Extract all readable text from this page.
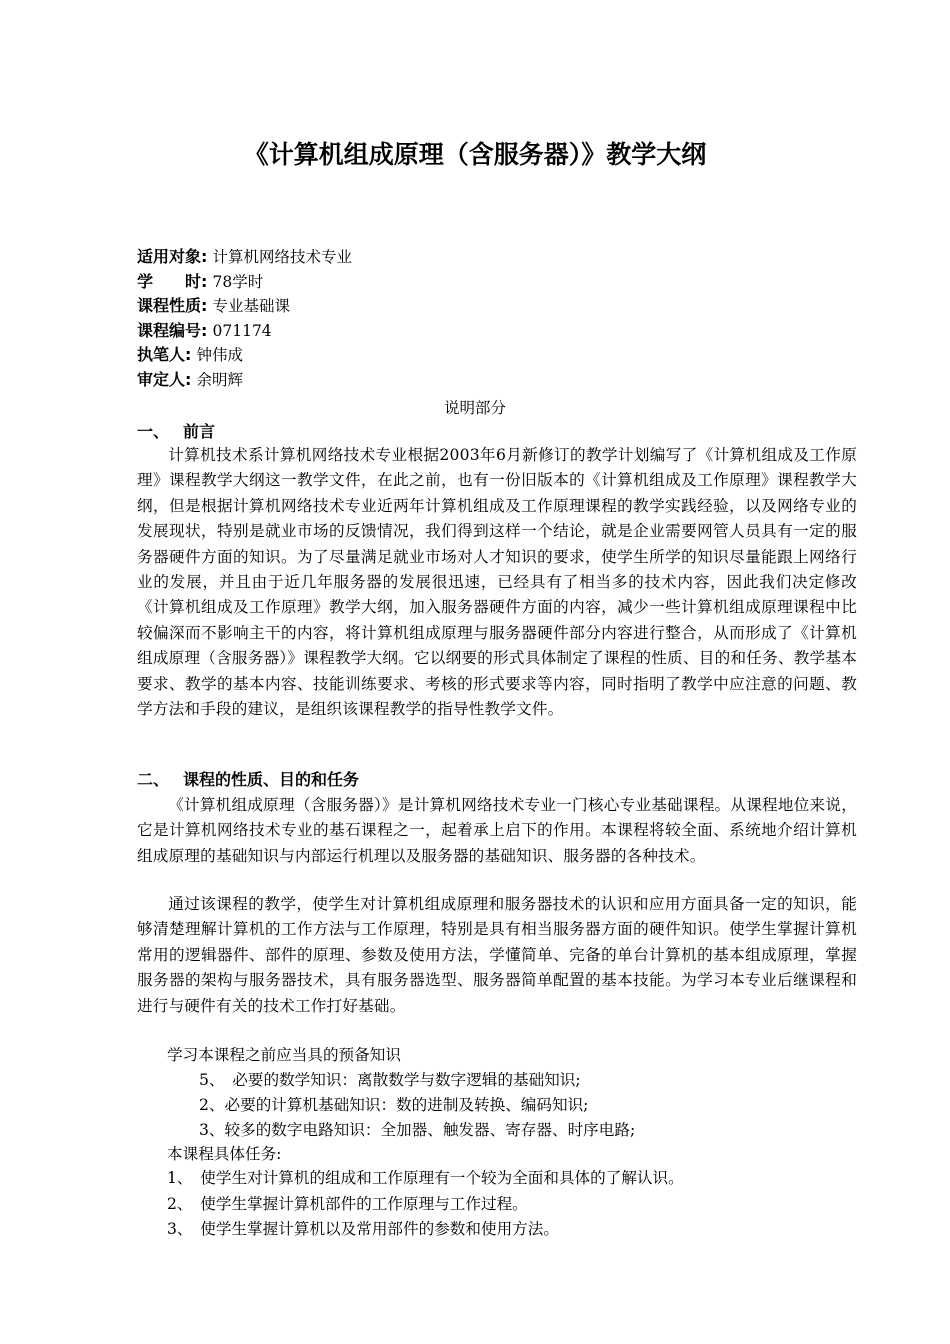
《计算机组成原理（含服务器）》教学大纲
适用对象: 计算机网络技术专业
学　　时: 78学时
课程性质: 专业基础课
课程编号: 071174
执笔人: 钟伟成
审定人: 余明辉
说明部分
一、 前言
计算机技术系计算机网络技术专业根据2003年6月新修订的教学计划编写了《计算机组成及工作原理》课程教学大纲这一教学文件，在此之前，也有一份旧版本的《计算机组成及工作原理》课程教学大纲，但是根据计算机网络技术专业近两年计算机组成及工作原理课程的教学实践经验，以及网络专业的发展现状，特别是就业市场的反馈情况，我们得到这样一个结论，就是企业需要网管人员具有一定的服务器硬件方面的知识。为了尽量满足就业市场对人才知识的要求，使学生所学的知识尽量能跟上网络行业的发展，并且由于近几年服务器的发展很迅速，已经具有了相当多的技术内容，因此我们决定修改《计算机组成及工作原理》教学大纲，加入服务器硬件方面的内容，减少一些计算机组成原理课程中比较偏深而不影响主干的内容，将计算机组成原理与服务器硬件部分内容进行整合，从而形成了《计算机组成原理（含服务器）》课程教学大纲。它以纲要的形式具体制定了课程的性质、目的和任务、教学基本要求、教学的基本内容、技能训练要求、考核的形式要求等内容，同时指明了教学中应注意的问题、教学方法和手段的建议，是组织该课程教学的指导性教学文件。
二、 课程的性质、目的和任务
《计算机组成原理（含服务器）》是计算机网络技术专业一门核心专业基础课程。从课程地位来说，它是计算机网络技术专业的基石课程之一，起着承上启下的作用。本课程将较全面、系统地介绍计算机组成原理的基础知识与内部运行机理以及服务器的基础知识、服务器的各种技术。
通过该课程的教学，使学生对计算机组成原理和服务器技术的认识和应用方面具备一定的知识，能够清楚理解计算机的工作方法与工作原理，特别是具有相当服务器方面的硬件知识。使学生掌握计算机常用的逻辑器件、部件的原理、参数及使用方法，学懂简单、完备的单台计算机的基本组成原理，掌握服务器的架构与服务器技术，具有服务器选型、服务器简单配置的基本技能。为学习本专业后继课程和进行与硬件有关的技术工作打好基础。
学习本课程之前应当具的预备知识
5、　必要的数学知识：离散数学与数字逻辑的基础知识;
2、必要的计算机基础知识：数的进制及转换、编码知识;
3、较多的数字电路知识：全加器、触发器、寄存器、时序电路;
本课程具体任务:
1、　使学生对计算机的组成和工作原理有一个较为全面和具体的了解认识。
2、　使学生掌握计算机部件的工作原理与工作过程。
3、　使学生掌握计算机以及常用部件的参数和使用方法。
